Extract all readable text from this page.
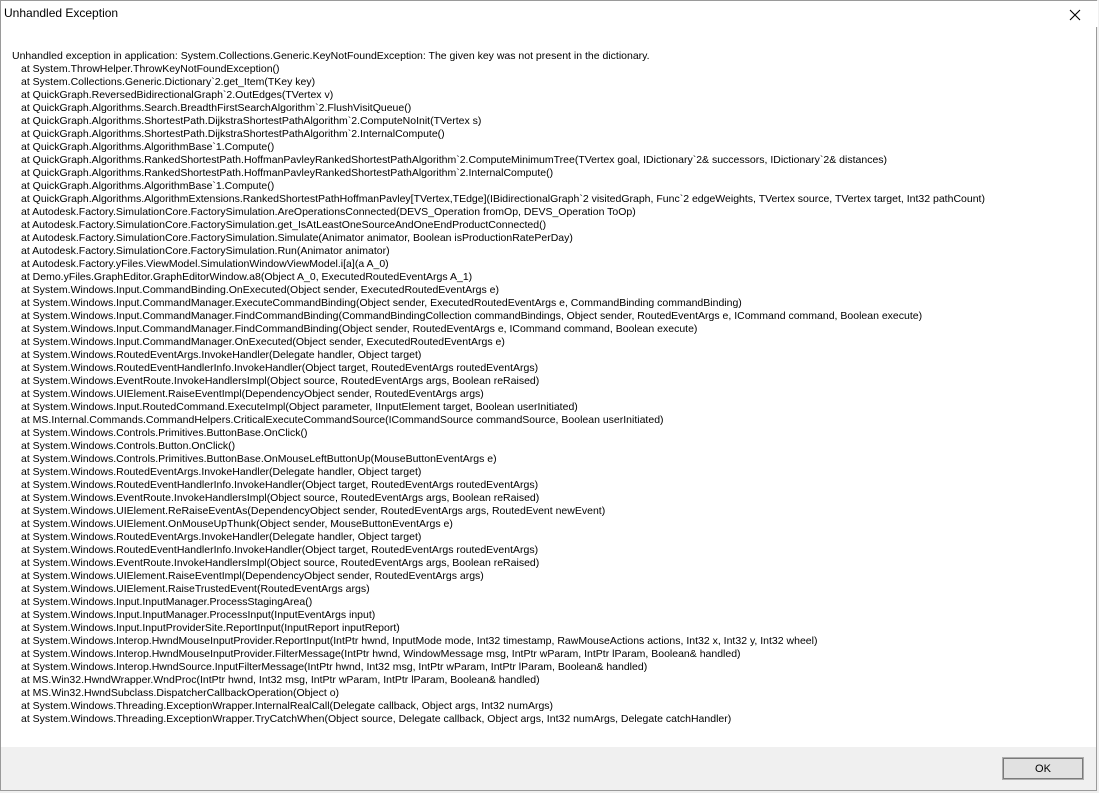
Unhandled Exception
Unhandled exception in application: System.Collections.Generic.KeyNotFoundException: The given key was not present in the dictionary.
at System.ThrowHelper.ThrowKeyNotFoundException()
at System.Collections.Generic.Dictionary`2.get_Item(TKey key)
at QuickGraph.ReversedBidirectionalGraph`2.OutEdges(TVertex v)
at QuickGraph.Algorithms.Search.BreadthFirstSearchAlgorithm`2.FlushVisitQueue()
at QuickGraph.Algorithms.ShortestPath.DijkstraShortestPathAlgorithm`2.ComputeNoInit(TVertex s)
at QuickGraph.Algorithms.ShortestPath.DijkstraShortestPathAlgorithm`2.InternalCompute()
at QuickGraph.Algorithms.AlgorithmBase`1.Compute()
at QuickGraph.Algorithms.RankedShortestPath.HoffmanPavleyRankedShortestPathAlgorithm`2.ComputeMinimumTree(TVertex goal, IDictionary`2& successors, IDictionary`2& distances)
at QuickGraph.Algorithms.RankedShortestPath.HoffmanPavleyRankedShortestPathAlgorithm`2.InternalCompute()
at QuickGraph.Algorithms.AlgorithmBase`1.Compute()
at QuickGraph.Algorithms.AlgorithmExtensions.RankedShortestPathHoffmanPavley[TVertex,TEdge](IBidirectionalGraph`2 visitedGraph, Func`2 edgeWeights, TVertex source, TVertex target, Int32 pathCount)
at Autodesk.Factory.SimulationCore.FactorySimulation.AreOperationsConnected(DEVS_Operation fromOp, DEVS_Operation ToOp)
at Autodesk.Factory.SimulationCore.FactorySimulation.get_IsAtLeastOneSourceAndOneEndProductConnected()
at Autodesk.Factory.SimulationCore.FactorySimulation.Simulate(Animator animator, Boolean isProductionRatePerDay)
at Autodesk.Factory.SimulationCore.FactorySimulation.Run(Animator animator)
at Autodesk.Factory.yFiles.ViewModel.SimulationWindowViewModel.i[a](a A_0)
at Demo.yFiles.GraphEditor.GraphEditorWindow.a8(Object A_0, ExecutedRoutedEventArgs A_1)
at System.Windows.Input.CommandBinding.OnExecuted(Object sender, ExecutedRoutedEventArgs e)
at System.Windows.Input.CommandManager.ExecuteCommandBinding(Object sender, ExecutedRoutedEventArgs e, CommandBinding commandBinding)
at System.Windows.Input.CommandManager.FindCommandBinding(CommandBindingCollection commandBindings, Object sender, RoutedEventArgs e, ICommand command, Boolean execute)
at System.Windows.Input.CommandManager.FindCommandBinding(Object sender, RoutedEventArgs e, ICommand command, Boolean execute)
at System.Windows.Input.CommandManager.OnExecuted(Object sender, ExecutedRoutedEventArgs e)
at System.Windows.RoutedEventArgs.InvokeHandler(Delegate handler, Object target)
at System.Windows.RoutedEventHandlerInfo.InvokeHandler(Object target, RoutedEventArgs routedEventArgs)
at System.Windows.EventRoute.InvokeHandlersImpl(Object source, RoutedEventArgs args, Boolean reRaised)
at System.Windows.UIElement.RaiseEventImpl(DependencyObject sender, RoutedEventArgs args)
at System.Windows.Input.RoutedCommand.ExecuteImpl(Object parameter, IInputElement target, Boolean userInitiated)
at MS.Internal.Commands.CommandHelpers.CriticalExecuteCommandSource(ICommandSource commandSource, Boolean userInitiated)
at System.Windows.Controls.Primitives.ButtonBase.OnClick()
at System.Windows.Controls.Button.OnClick()
at System.Windows.Controls.Primitives.ButtonBase.OnMouseLeftButtonUp(MouseButtonEventArgs e)
at System.Windows.RoutedEventArgs.InvokeHandler(Delegate handler, Object target)
at System.Windows.RoutedEventHandlerInfo.InvokeHandler(Object target, RoutedEventArgs routedEventArgs)
at System.Windows.EventRoute.InvokeHandlersImpl(Object source, RoutedEventArgs args, Boolean reRaised)
at System.Windows.UIElement.ReRaiseEventAs(DependencyObject sender, RoutedEventArgs args, RoutedEvent newEvent)
at System.Windows.UIElement.OnMouseUpThunk(Object sender, MouseButtonEventArgs e)
at System.Windows.RoutedEventArgs.InvokeHandler(Delegate handler, Object target)
at System.Windows.RoutedEventHandlerInfo.InvokeHandler(Object target, RoutedEventArgs routedEventArgs)
at System.Windows.EventRoute.InvokeHandlersImpl(Object source, RoutedEventArgs args, Boolean reRaised)
at System.Windows.UIElement.RaiseEventImpl(DependencyObject sender, RoutedEventArgs args)
at System.Windows.UIElement.RaiseTrustedEvent(RoutedEventArgs args)
at System.Windows.Input.InputManager.ProcessStagingArea()
at System.Windows.Input.InputManager.ProcessInput(InputEventArgs input)
at System.Windows.Input.InputProviderSite.ReportInput(InputReport inputReport)
at System.Windows.Interop.HwndMouseInputProvider.ReportInput(IntPtr hwnd, InputMode mode, Int32 timestamp, RawMouseActions actions, Int32 x, Int32 y, Int32 wheel)
at System.Windows.Interop.HwndMouseInputProvider.FilterMessage(IntPtr hwnd, WindowMessage msg, IntPtr wParam, IntPtr lParam, Boolean& handled)
at System.Windows.Interop.HwndSource.InputFilterMessage(IntPtr hwnd, Int32 msg, IntPtr wParam, IntPtr lParam, Boolean& handled)
at MS.Win32.HwndWrapper.WndProc(IntPtr hwnd, Int32 msg, IntPtr wParam, IntPtr lParam, Boolean& handled)
at MS.Win32.HwndSubclass.DispatcherCallbackOperation(Object o)
at System.Windows.Threading.ExceptionWrapper.InternalRealCall(Delegate callback, Object args, Int32 numArgs)
at System.Windows.Threading.ExceptionWrapper.TryCatchWhen(Object source, Delegate callback, Object args, Int32 numArgs, Delegate catchHandler)
OK
